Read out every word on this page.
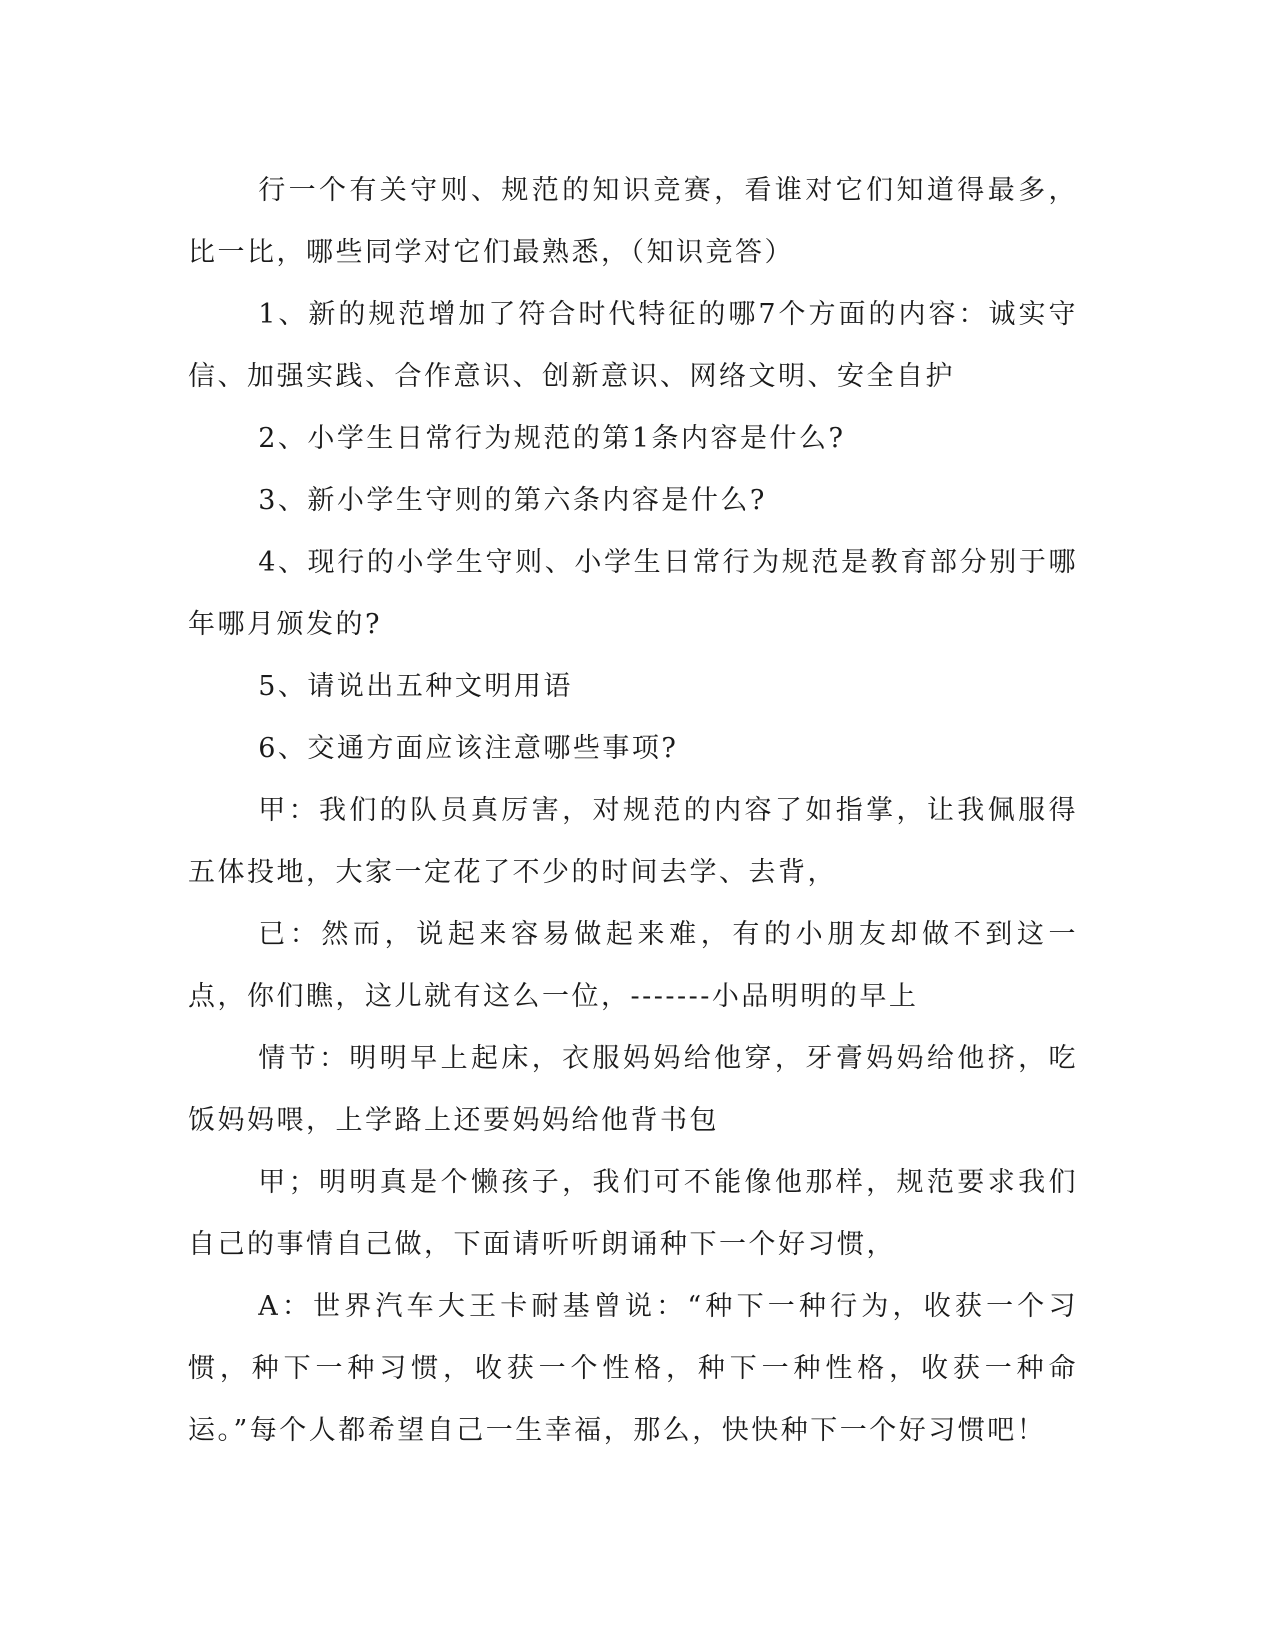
行一个有关守则、规范的知识竞赛，看谁对它们知道得最多，比一比，哪些同学对它们最熟悉，（知识竞答）

1、新的规范增加了符合时代特征的哪7个方面的内容：诚实守信、加强实践、合作意识、创新意识、网络文明、安全自护

2、小学生日常行为规范的第1条内容是什么?

3、新小学生守则的第六条内容是什么?

4、现行的小学生守则、小学生日常行为规范是教育部分别于哪年哪月颁发的?

5、请说出五种文明用语

6、交通方面应该注意哪些事项?

甲：我们的队员真厉害，对规范的内容了如指掌，让我佩服得五体投地，大家一定花了不少的时间去学、去背，

已：然而，说起来容易做起来难，有的小朋友却做不到这一点，你们瞧，这儿就有这么一位，-------小品明明的早上

情节：明明早上起床，衣服妈妈给他穿，牙膏妈妈给他挤，吃饭妈妈喂，上学路上还要妈妈给他背书包

甲；明明真是个懒孩子，我们可不能像他那样，规范要求我们自己的事情自己做，下面请听听朗诵种下一个好习惯，

A：世界汽车大王卡耐基曾说：“种下一种行为，收获一个习惯，种下一种习惯，收获一个性格，种下一种性格，收获一种命运。”每个人都希望自己一生幸福，那么，快快种下一个好习惯吧！
